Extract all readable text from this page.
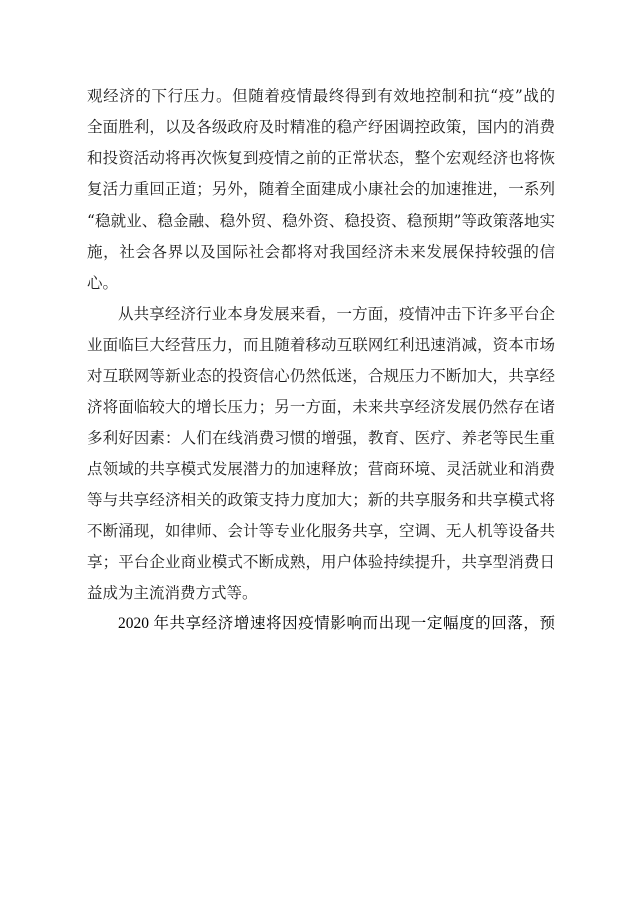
观经济的下行压力。但随着疫情最终得到有效地控制和抗“疫”战的
全面胜利，以及各级政府及时精准的稳产纾困调控政策，国内的消费
和投资活动将再次恢复到疫情之前的正常状态，整个宏观经济也将恢
复活力重回正道；另外，随着全面建成小康社会的加速推进，一系列
“稳就业、稳金融、稳外贸、稳外资、稳投资、稳预期”等政策落地实
施，社会各界以及国际社会都将对我国经济未来发展保持较强的信
心。
从共享经济行业本身发展来看，一方面，疫情冲击下许多平台企
业面临巨大经营压力，而且随着移动互联网红利迅速消减，资本市场
对互联网等新业态的投资信心仍然低迷，合规压力不断加大，共享经
济将面临较大的增长压力；另一方面，未来共享经济发展仍然存在诸
多利好因素：人们在线消费习惯的增强，教育、医疗、养老等民生重
点领域的共享模式发展潜力的加速释放；营商环境、灵活就业和消费
等与共享经济相关的政策支持力度加大；新的共享服务和共享模式将
不断涌现，如律师、会计等专业化服务共享，空调、无人机等设备共
享；平台企业商业模式不断成熟，用户体验持续提升，共享型消费日
益成为主流消费方式等。
2020 年共享经济增速将因疫情影响而出现一定幅度的回落，预
